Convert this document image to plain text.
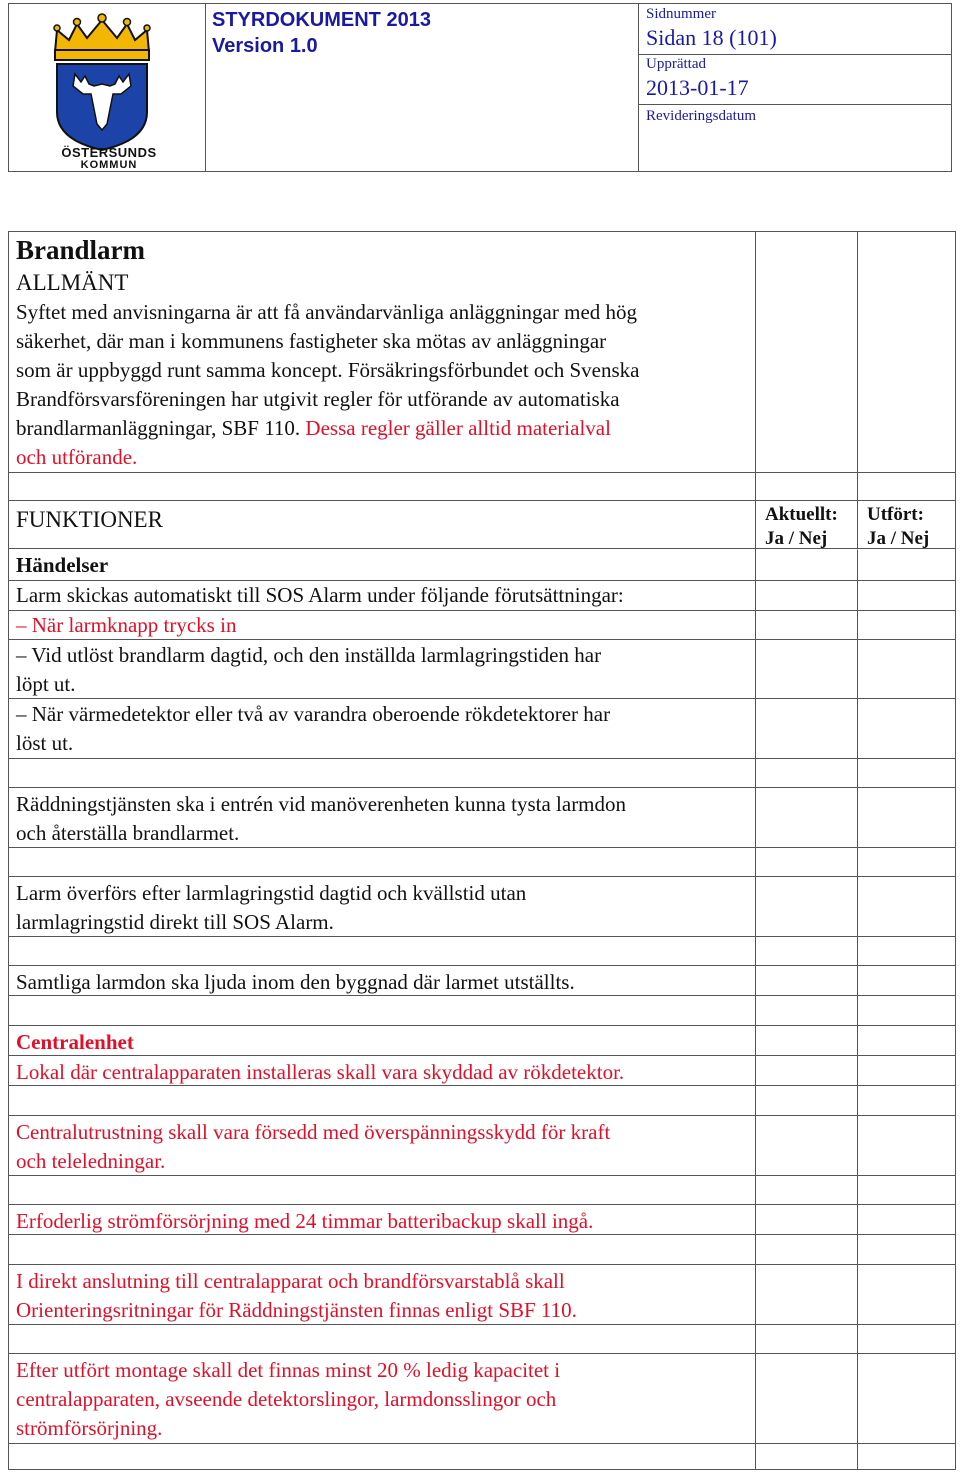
ÖSTERSUNDS
KOMMUN
STYRDOKUMENT 2013
Version 1.0
Sidnummer
Sidan 18 (101)
Upprättad
2013-01-17
Revideringsdatum
Brandlarm
ALLMÄNT
Syftet med anvisningarna är att få användarvänliga anläggningar med hög
säkerhet, där man i kommunens fastigheter ska mötas av anläggningar
som är uppbyggd runt samma koncept. Försäkringsförbundet och Svenska
Brandförsvarsföreningen har utgivit regler för utförande av automatiska
brandlarmanläggningar, SBF 110. Dessa regler gäller alltid materialval
och utförande.
FUNKTIONER	Aktuellt:
Ja / Nej
Utfört:
Ja / Nej
Händelser
Larm skickas automatiskt till SOS Alarm under följande förutsättningar:
– När larmknapp trycks in
– Vid utlöst brandlarm dagtid, och den inställda larmlagringstiden har
löpt ut.
– När värmedetektor eller två av varandra oberoende rökdetektorer har
löst ut.
Räddningstjänsten ska i entrén vid manöverenheten kunna tysta larmdon
och återställa brandlarmet.
Larm överförs efter larmlagringstid dagtid och kvällstid utan
larmlagringstid direkt till SOS Alarm.
Samtliga larmdon ska ljuda inom den byggnad där larmet utställts.
Centralenhet
Lokal där centralapparaten installeras skall vara skyddad av rökdetektor.
Centralutrustning skall vara försedd med överspänningsskydd för kraft
och teleledningar.
Erfoderlig strömförsörjning med 24 timmar batteribackup skall ingå.
I direkt anslutning till centralapparat och brandförsvarstablå skall
Orienteringsritningar för Räddningstjänsten finnas enligt SBF 110.
Efter utfört montage skall det finnas minst 20 % ledig kapacitet i
centralapparaten, avseende detektorslingor, larmdonsslingor och
strömförsörjning.
